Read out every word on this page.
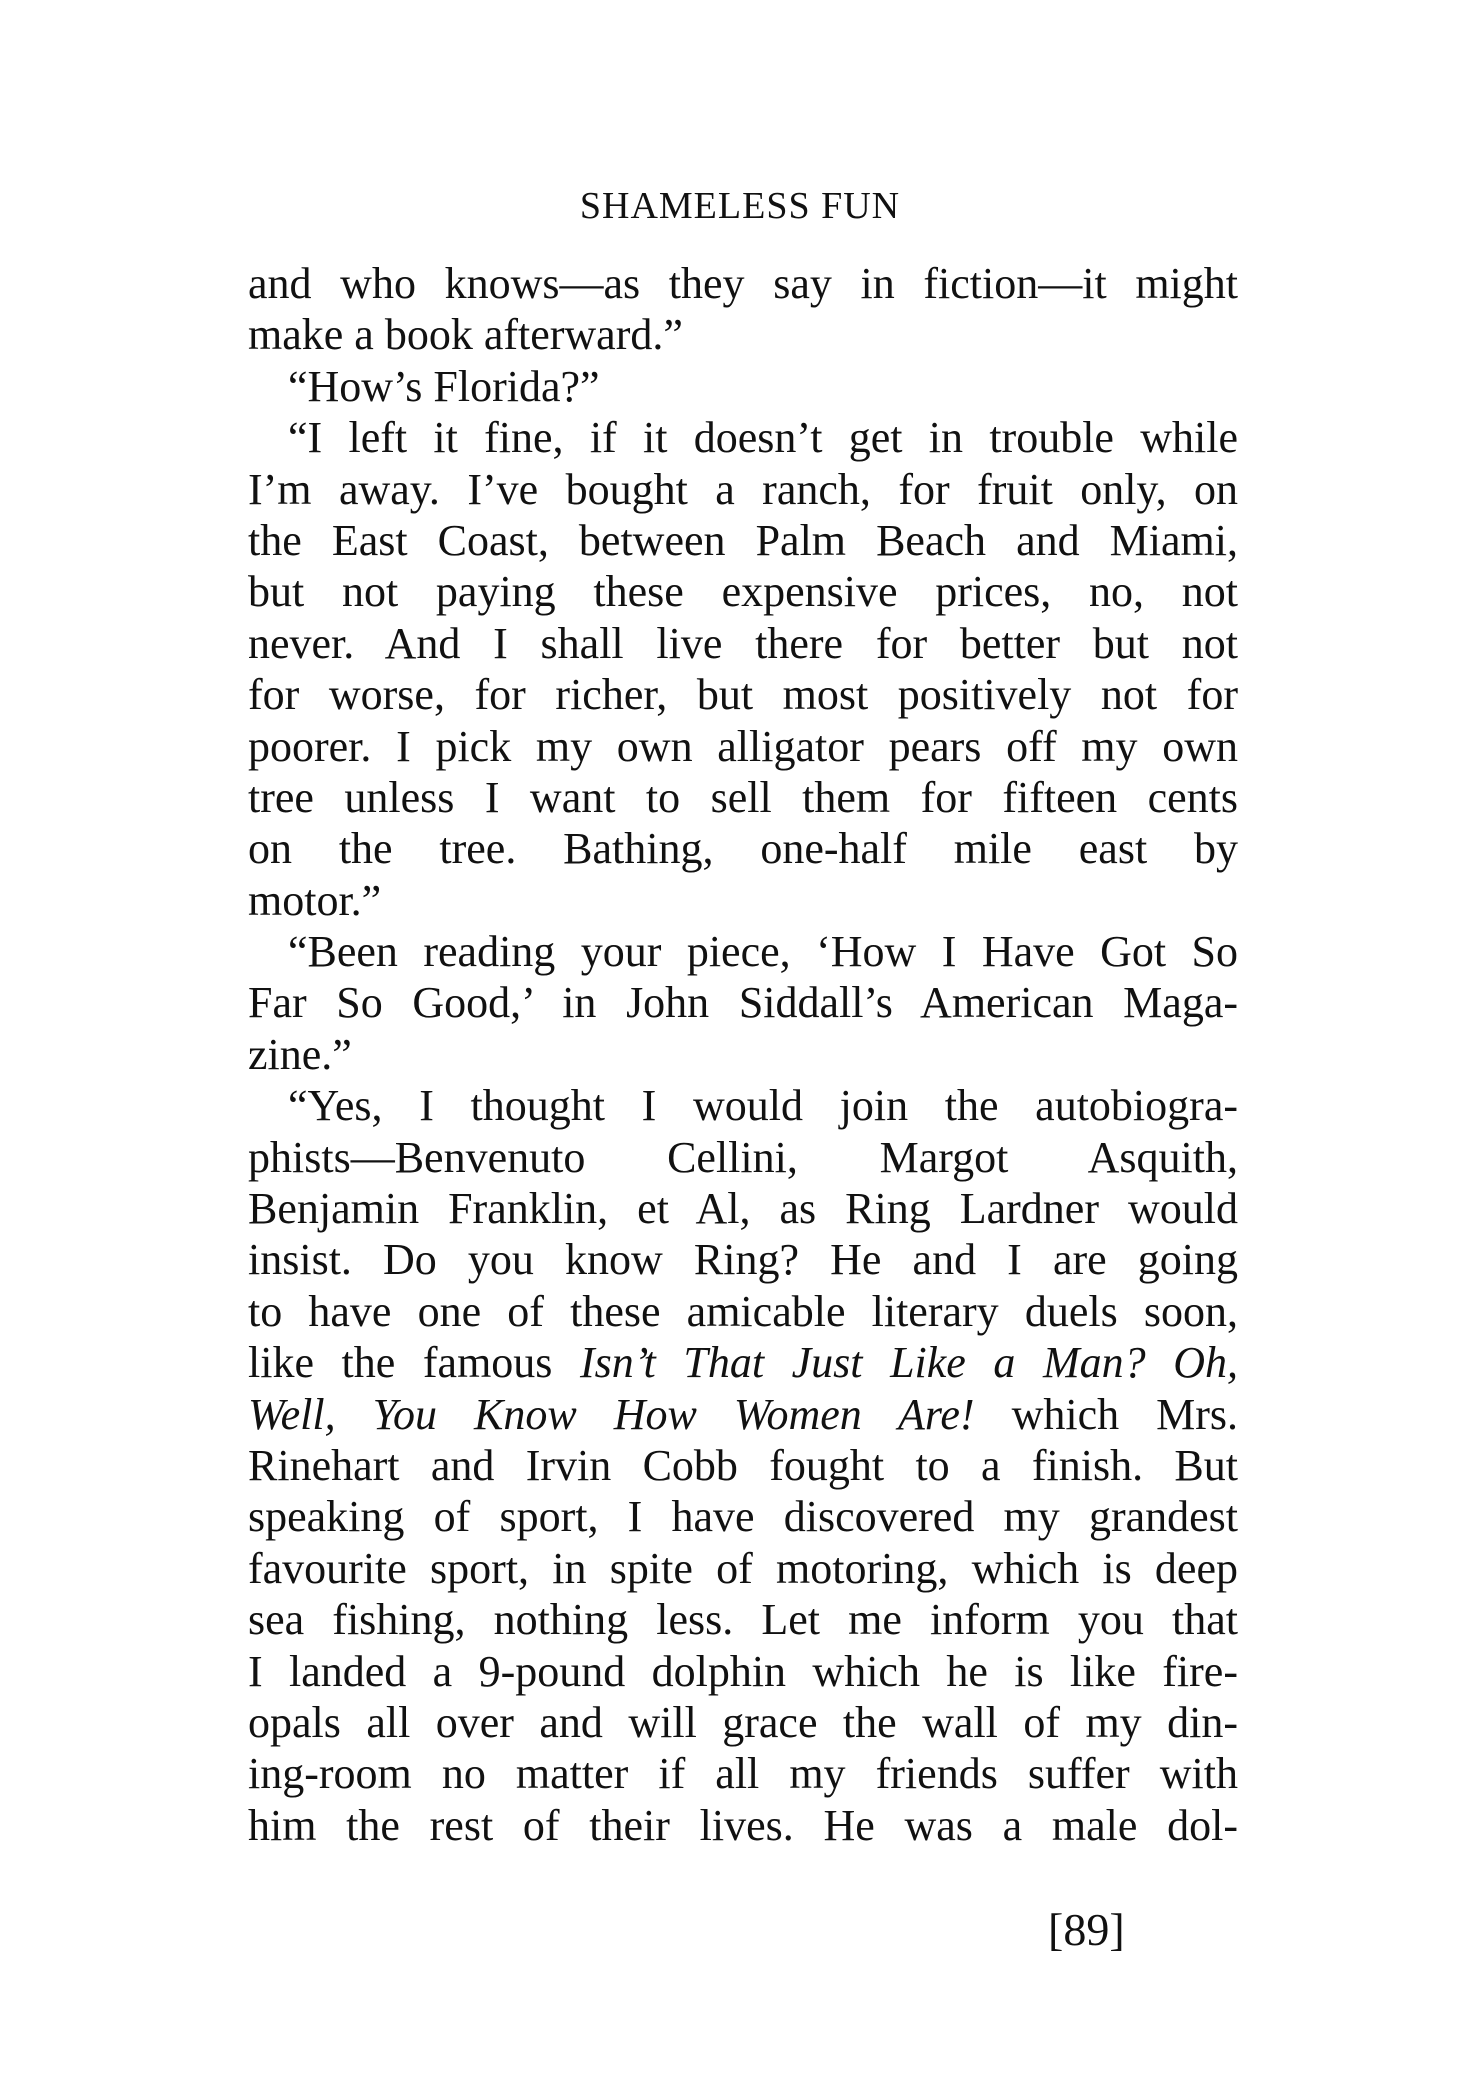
SHAMELESS FUN
and who knows—as they say in fiction—it might
make a book afterward.”
“How’s Florida?”
“I left it fine, if it doesn’t get in trouble while
I’m away. I’ve bought a ranch, for fruit only, on
the East Coast, between Palm Beach and Miami,
but not paying these expensive prices, no, not
never. And I shall live there for better but not
for worse, for richer, but most positively not for
poorer. I pick my own alligator pears off my own
tree unless I want to sell them for fifteen cents
on the tree. Bathing, one-half mile east by
motor.”
“Been reading your piece, ‘How I Have Got So
Far So Good,’ in John Siddall’s American Maga-
zine.”
“Yes, I thought I would join the autobiogra-
phists—Benvenuto Cellini, Margot Asquith,
Benjamin Franklin, et Al, as Ring Lardner would
insist. Do you know Ring? He and I are going
to have one of these amicable literary duels soon,
like the famous Isn’t That Just Like a Man? Oh,
Well, You Know How Women Are! which Mrs.
Rinehart and Irvin Cobb fought to a finish. But
speaking of sport, I have discovered my grandest
favourite sport, in spite of motoring, which is deep
sea fishing, nothing less. Let me inform you that
I landed a 9-pound dolphin which he is like fire-
opals all over and will grace the wall of my din-
ing-room no matter if all my friends suffer with
him the rest of their lives. He was a male dol-
[89]
